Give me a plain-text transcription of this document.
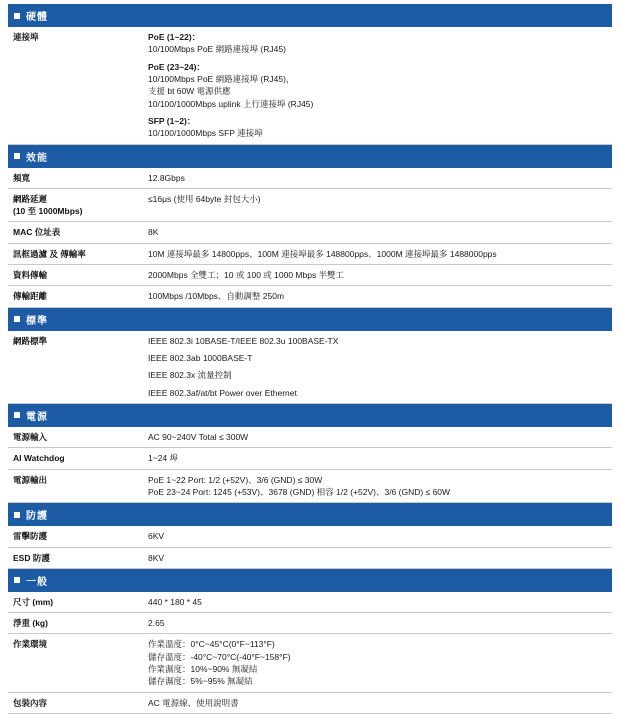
硬體
連接埠	PoE (1~22)：
10/100Mbps PoE 網路連接埠 (RJ45)
PoE (23~24)：
10/100Mbps PoE 網路連接埠 (RJ45)，
支援 bt 60W 電源供應
10/100/1000Mbps uplink 上行連接埠 (RJ45)
SFP (1~2)：
10/100/1000Mbps SFP 連接埠
效能
頻寬	12.8Gbps

網路延遲
(10 至 1000Mbps)	≤16μs (使用 64byte 封包大小)

MAC 位址表	8K

訊框過濾 及 傳輸率	10M 連接埠最多 14800pps、100M 連接埠最多 148800pps、1000M 連接埠最多 1488000pps

資料傳輸	2000Mbps 全雙工；10 或 100 或 1000 Mbps 半雙工

傳輸距離	100Mbps /10Mbps、自動調整 250m
標準
網路標準	IEEE 802.3i 10BASE-T/IEEE 802.3u 100BASE-TX
IEEE 802.3ab 1000BASE-T
IEEE 802.3x 流量控制
IEEE 802.3af/at/bt Power over Ethernet
電源
電源輸入	AC 90~240V Total ≤ 300W

AI Watchdog	1~24 埠

電源輸出	PoE 1~22 Port: 1/2 (+52V)、3/6 (GND) ≤ 30W
PoE 23~24 Port: 1245 (+53V)、3678 (GND) 相容 1/2 (+52V)、3/6 (GND) ≤ 60W
防護
雷擊防護	6KV

ESD 防護	8KV
一般
尺寸 (mm)	440 * 180 * 45

淨重 (kg)	2.65

作業環境	作業溫度：0°C~45°C(0°F~113°F)
儲存溫度：-40°C~70°C(-40°F~158°F)
作業濕度：10%~90% 無凝結
儲存濕度：5%~95% 無凝結

包裝內容	AC 電源線、使用說明書
